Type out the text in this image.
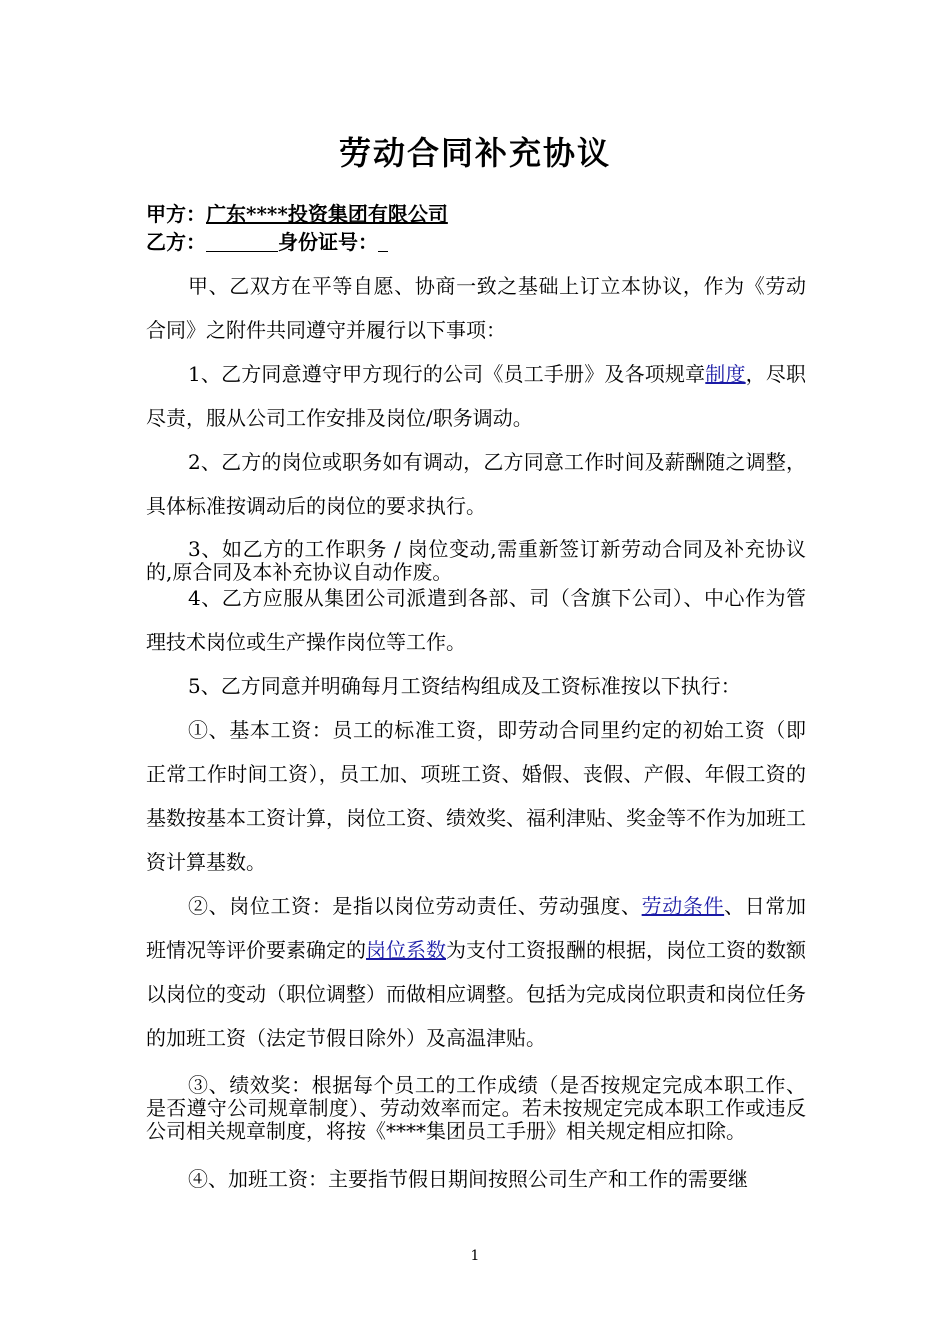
劳动合同补充协议
甲方：广东****投资集团有限公司
乙方：	身份证号：
甲、乙双方在平等自愿、协商一致之基础上订立本协议，作为《劳动合同》之附件共同遵守并履行以下事项：
1、乙方同意遵守甲方现行的公司《员工手册》及各项规章制度，尽职尽责，服从公司工作安排及岗位/职务调动。
2、乙方的岗位或职务如有调动，乙方同意工作时间及薪酬随之调整，具体标准按调动后的岗位的要求执行。
3、如乙方的工作职务 / 岗位变动,需重新签订新劳动合同及补充协议的,原合同及本补充协议自动作废。
4、乙方应服从集团公司派遣到各部、司（含旗下公司）、中心作为管理技术岗位或生产操作岗位等工作。
5、乙方同意并明确每月工资结构组成及工资标准按以下执行：
①、基本工资：员工的标准工资，即劳动合同里约定的初始工资（即正常工作时间工资），员工加、项班工资、婚假、丧假、产假、年假工资的基数按基本工资计算，岗位工资、绩效奖、福利津贴、奖金等不作为加班工资计算基数。
②、岗位工资：是指以岗位劳动责任、劳动强度、劳动条件、日常加班情况等评价要素确定的岗位系数为支付工资报酬的根据，岗位工资的数额以岗位的变动（职位调整）而做相应调整。包括为完成岗位职责和岗位任务的加班工资（法定节假日除外）及高温津贴。
③、绩效奖：根据每个员工的工作成绩（是否按规定完成本职工作、是否遵守公司规章制度）、劳动效率而定。若未按规定完成本职工作或违反公司相关规章制度，将按《****集团员工手册》相关规定相应扣除。
④、加班工资：主要指节假日期间按照公司生产和工作的需要继
1
